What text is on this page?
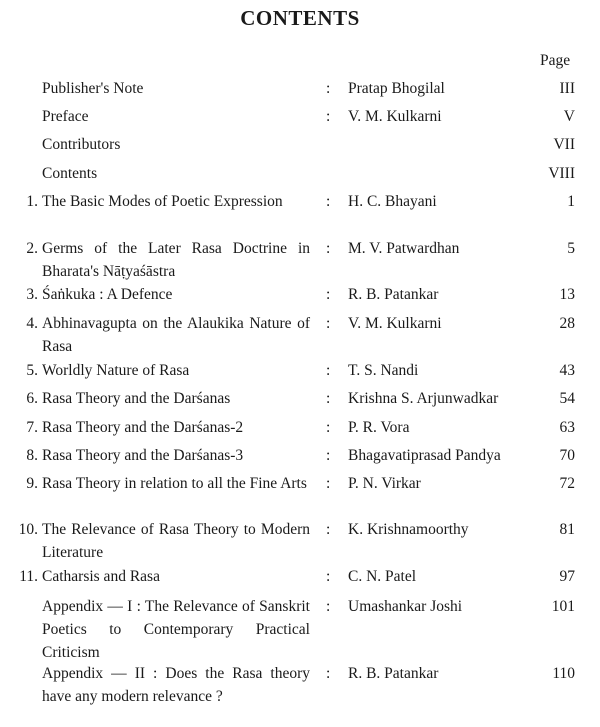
CONTENTS
Page
Publisher's Note	: Pratap Bhogilal	III
Preface	: V. M. Kulkarni	V
Contributors	VII
Contents	VIII
1. The Basic Modes of Poetic Expression	: H. C. Bhayani	1
2. Germs of the Later Rasa Doctrine in Bharata's Nāṭyaśāstra
: M. V. Patwardhan	5
3. Śaṅkuka : A Defence	: R. B. Patankar	13
4. Abhinavagupta on the Alaukika Nature of Rasa
: V. M. Kulkarni	28
5. Worldly Nature of Rasa	: T. S. Nandi	43
6. Rasa Theory and the Darśanas	: Krishna S. Arjunwadkar	54
7. Rasa Theory and the Darśanas-2	: P. R. Vora	63
8. Rasa Theory and the Darśanas-3	: Bhagavatiprasad Pandya	70
9. Rasa Theory in relation to all the Fine Arts : P. N. Virkar	72
10. The Relevance of Rasa Theory to Modern Literature
: K. Krishnamoorthy	81
11. Catharsis and Rasa	: C. N. Patel	97
Appendix — I : The Relevance of Sanskrit Poetics to Contemporary Practical Criticism
: Umashankar Joshi	101
Appendix — II : Does the Rasa theory have any modern relevance ?
: R. B. Patankar	110
